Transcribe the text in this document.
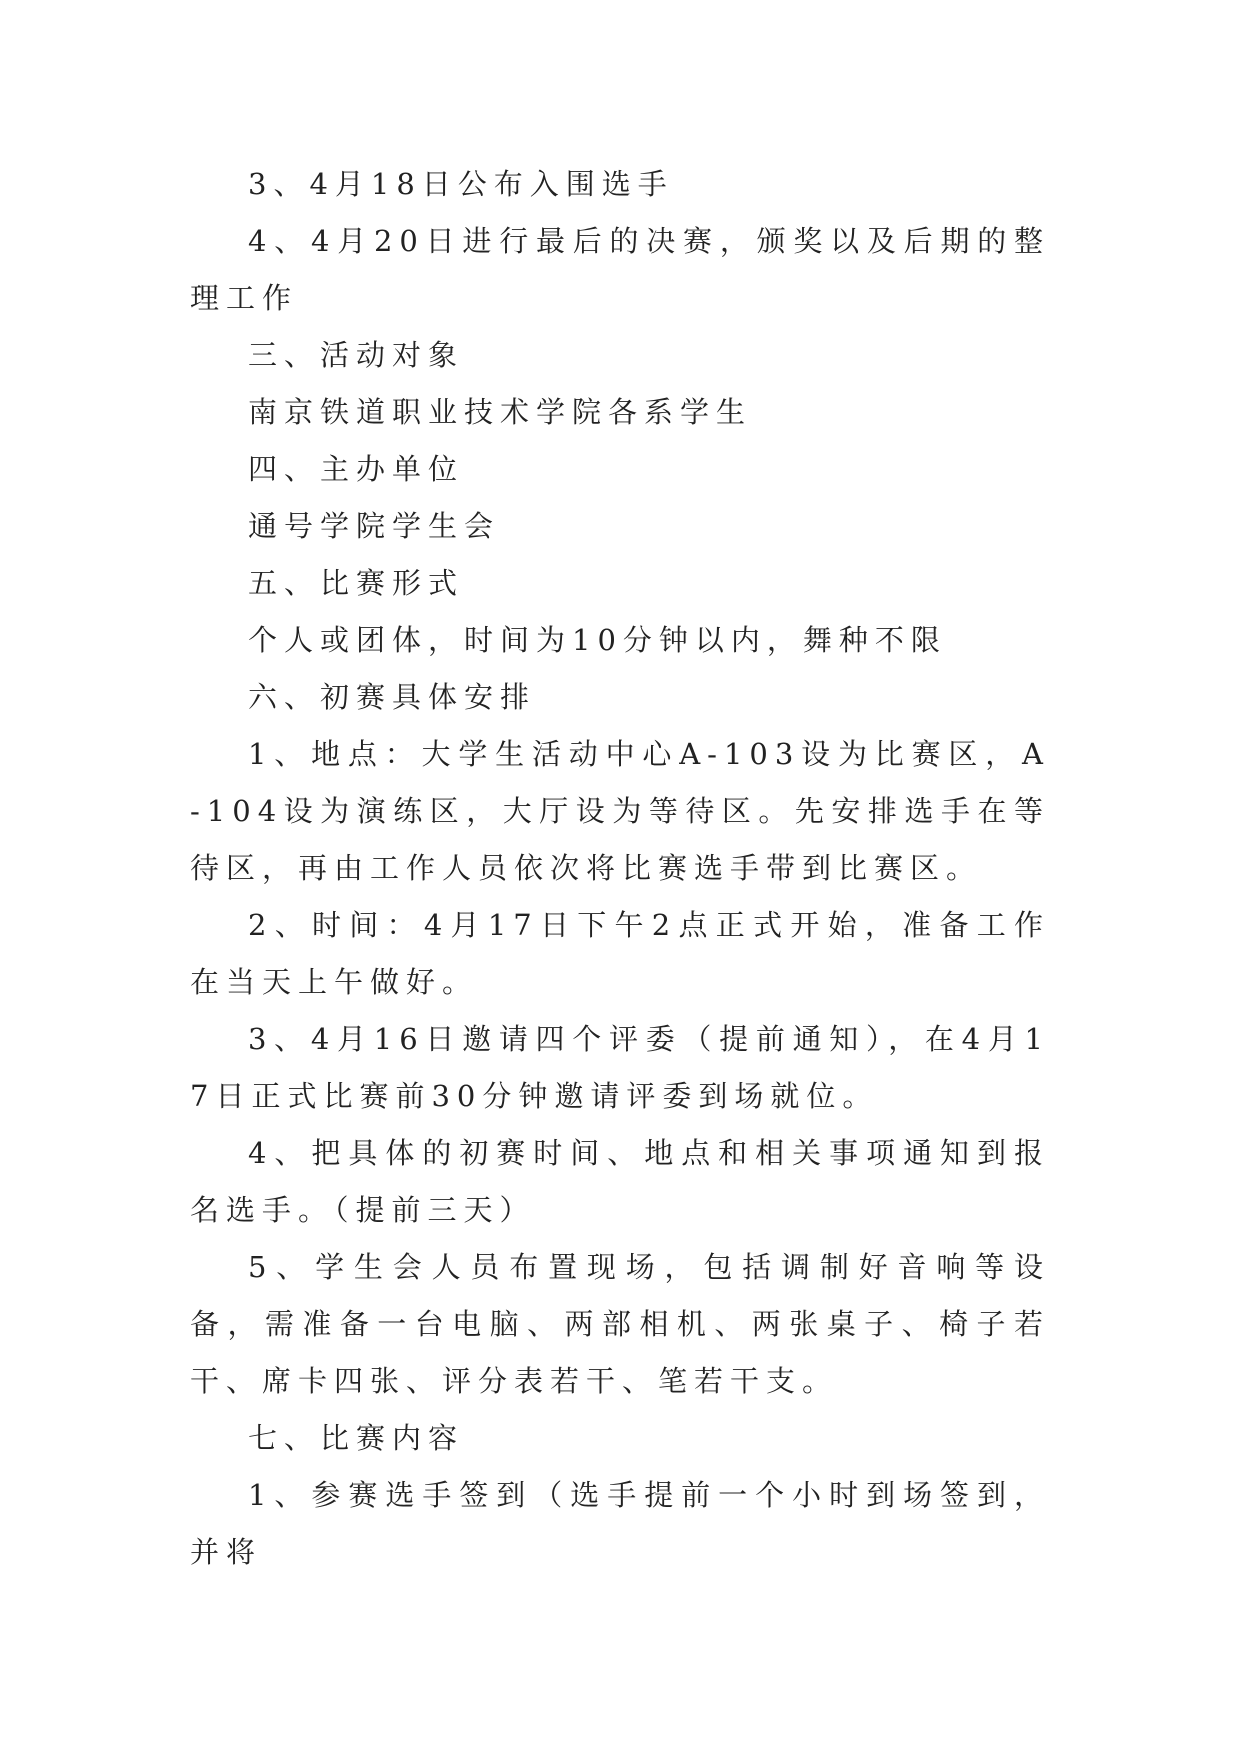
3、4月18日公布入围选手

4、4月20日进行最后的决赛，颁奖以及后期的整理工作

三、活动对象

南京铁道职业技术学院各系学生

四、主办单位

通号学院学生会

五、比赛形式

个人或团体，时间为10分钟以内，舞种不限

六、初赛具体安排

1、地点：大学生活动中心A-103设为比赛区，A-104设为演练区，大厅设为等待区。先安排选手在等待区，再由工作人员依次将比赛选手带到比赛区。

2、时间：4月17日下午2点正式开始，准备工作在当天上午做好。

3、4月16日邀请四个评委（提前通知），在4月17日正式比赛前30分钟邀请评委到场就位。

4、把具体的初赛时间、地点和相关事项通知到报名选手。（提前三天）

5、学生会人员布置现场，包括调制好音响等设备，需准备一台电脑、两部相机、两张桌子、椅子若干、席卡四张、评分表若干、笔若干支。

七、比赛内容

1、参赛选手签到（选手提前一个小时到场签到，并将
